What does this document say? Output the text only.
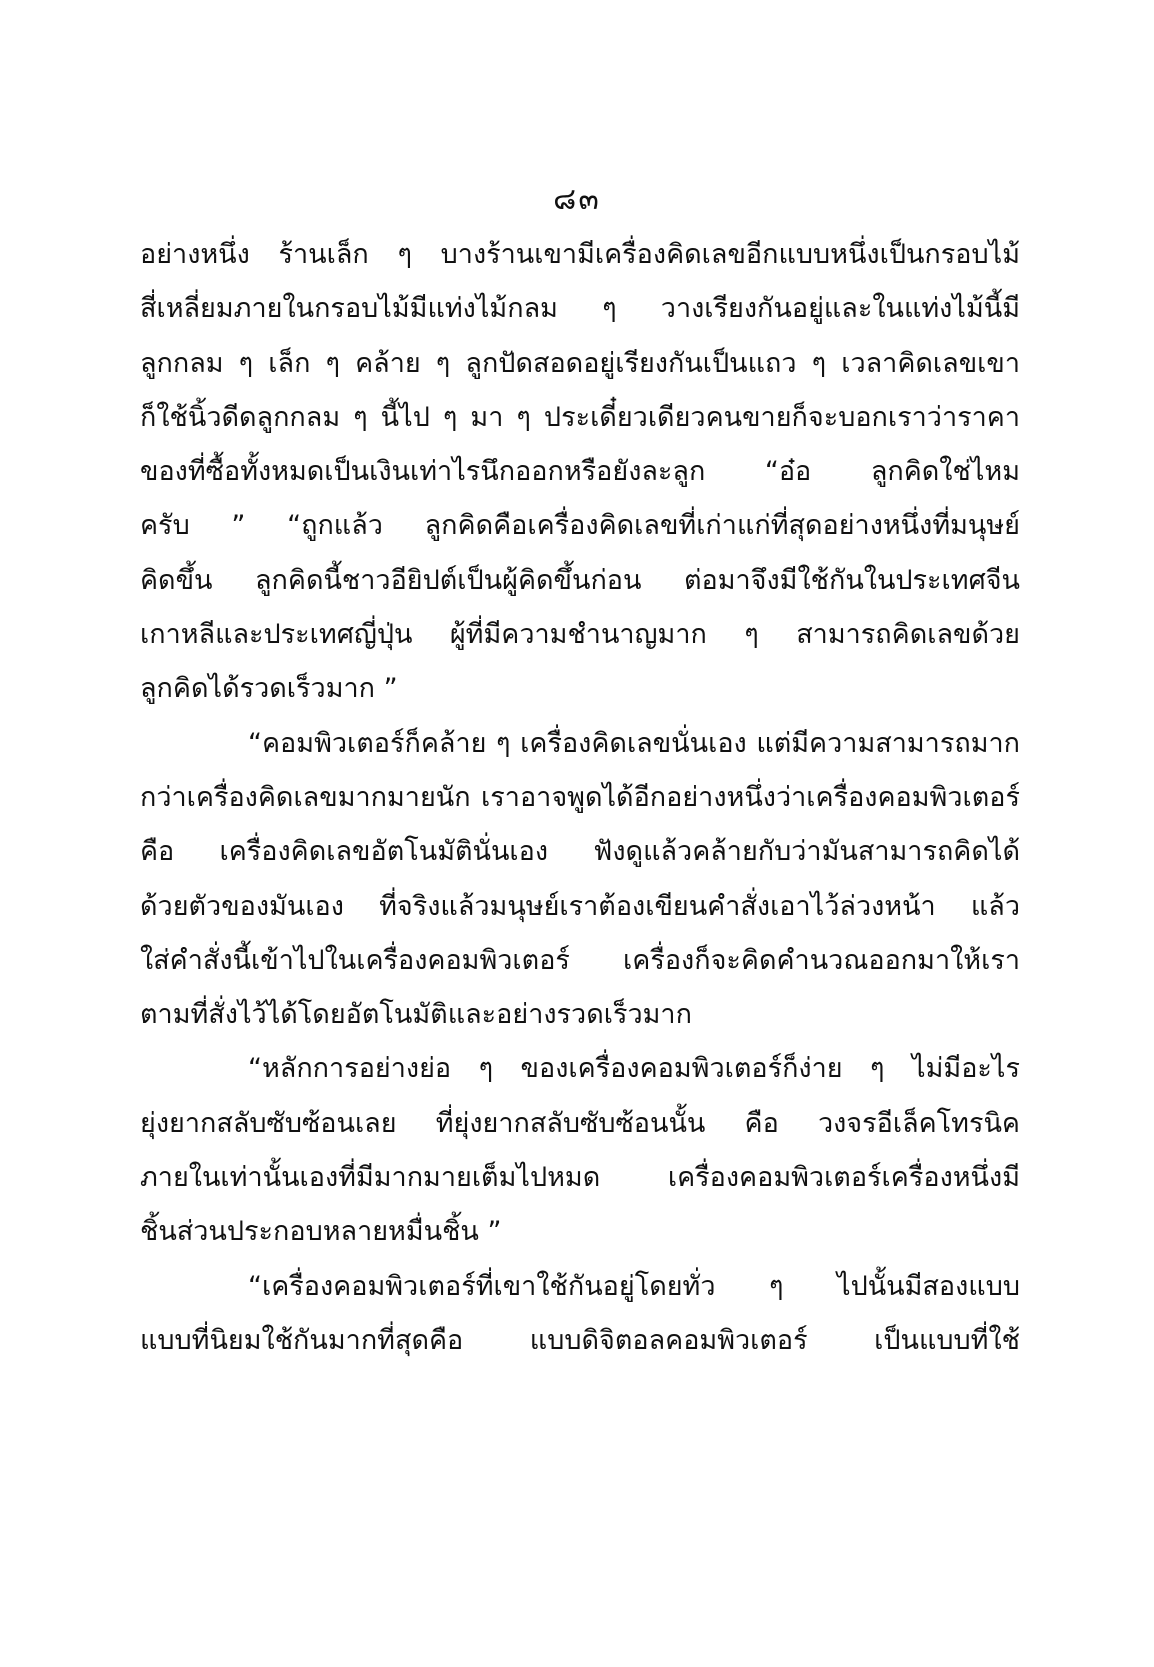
๘๓
อย่างหนึ่ง ร้านเล็ก ๆ บางร้านเขามีเครื่องคิดเลขอีกแบบหนึ่งเป็นกรอบไม้
สี่เหลี่ยมภายในกรอบไม้มีแท่งไม้กลม ๆ วางเรียงกันอยู่และในแท่งไม้นี้มี
ลูกกลม ๆ เล็ก ๆ คล้าย ๆ ลูกปัดสอดอยู่เรียงกันเป็นแถว ๆ เวลาคิดเลขเขา
ก็ใช้นิ้วดีดลูกกลม ๆ นี้ไป ๆ มา ๆ ประเดี๋ยวเดียวคนขายก็จะบอกเราว่าราคา
ของที่ซื้อทั้งหมดเป็นเงินเท่าไรนึกออกหรือยังละลูก “อ๋อ ลูกคิดใช่ไหม
ครับ ” “ถูกแล้ว ลูกคิดคือเครื่องคิดเลขที่เก่าแก่ที่สุดอย่างหนึ่งที่มนุษย์
คิดขึ้น ลูกคิดนี้ชาวอียิปต์เป็นผู้คิดขึ้นก่อน ต่อมาจึงมีใช้กันในประเทศจีน
เกาหลีและประเทศญี่ปุ่น ผู้ที่มีความชำนาญมาก ๆ สามารถคิดเลขด้วย
ลูกคิดได้รวดเร็วมาก ”
“คอมพิวเตอร์ก็คล้าย ๆ เครื่องคิดเลขนั่นเอง แต่มีความสามารถมาก
กว่าเครื่องคิดเลขมากมายนัก เราอาจพูดได้อีกอย่างหนึ่งว่าเครื่องคอมพิวเตอร์
คือ เครื่องคิดเลขอัตโนมัตินั่นเอง ฟังดูแล้วคล้ายกับว่ามันสามารถคิดได้
ด้วยตัวของมันเอง ที่จริงแล้วมนุษย์เราต้องเขียนคำสั่งเอาไว้ล่วงหน้า แล้ว
ใส่คำสั่งนี้เข้าไปในเครื่องคอมพิวเตอร์ เครื่องก็จะคิดคำนวณออกมาให้เรา
ตามที่สั่งไว้ได้โดยอัตโนมัติและอย่างรวดเร็วมาก
“หลักการอย่างย่อ ๆ ของเครื่องคอมพิวเตอร์ก็ง่าย ๆ ไม่มีอะไร
ยุ่งยากสลับซับซ้อนเลย ที่ยุ่งยากสลับซับซ้อนนั้น คือ วงจรอีเล็คโทรนิค
ภายในเท่านั้นเองที่มีมากมายเต็มไปหมด เครื่องคอมพิวเตอร์เครื่องหนึ่งมี
ชิ้นส่วนประกอบหลายหมื่นชิ้น ”
“เครื่องคอมพิวเตอร์ที่เขาใช้กันอยู่โดยทั่ว ๆ ไปนั้นมีสองแบบ
แบบที่นิยมใช้กันมากที่สุดคือ แบบดิจิตอลคอมพิวเตอร์ เป็นแบบที่ใช้
